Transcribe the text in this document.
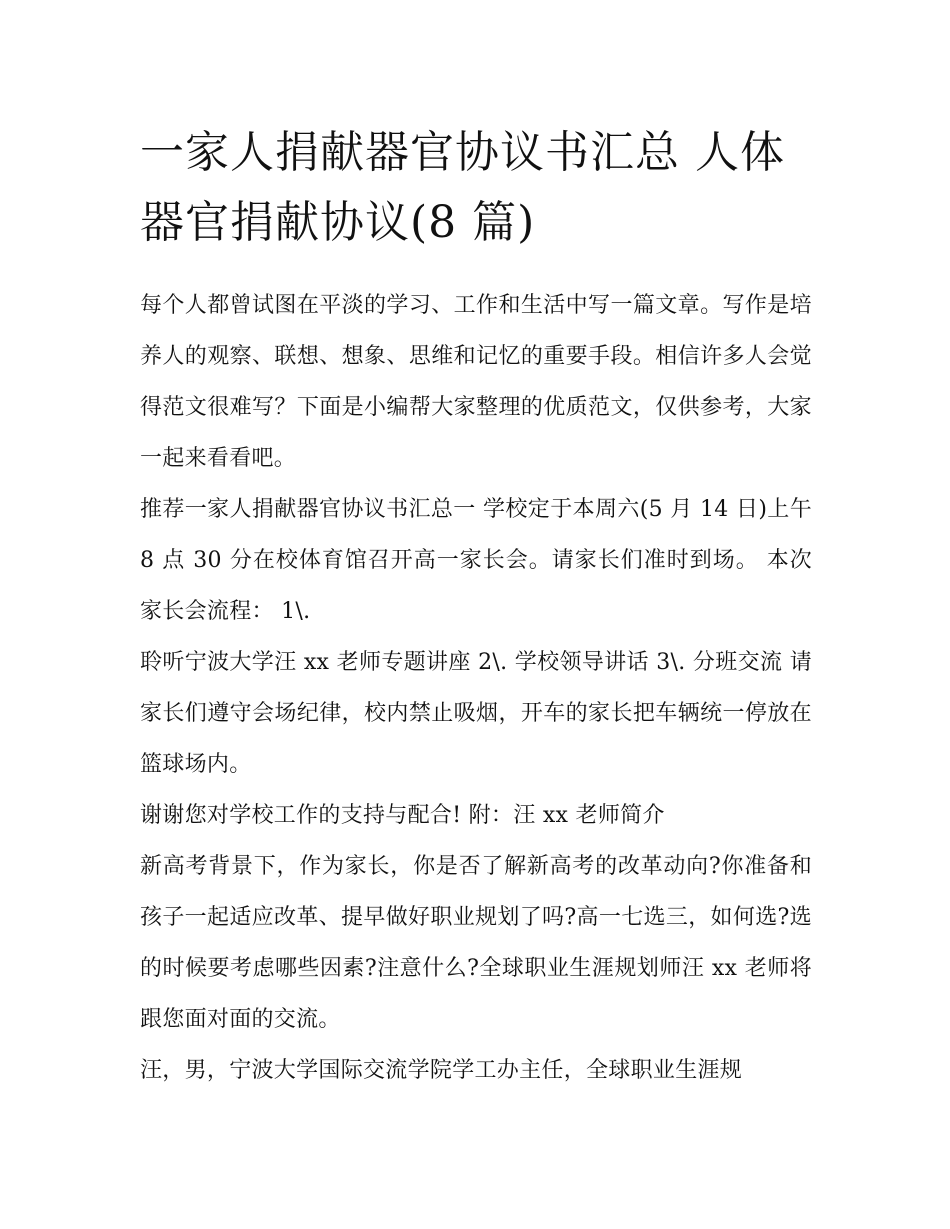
一家人捐献器官协议书汇总 人体器官捐献协议(8 篇)

每个人都曾试图在平淡的学习、工作和生活中写一篇文章。写作是培养人的观察、联想、想象、思维和记忆的重要手段。相信许多人会觉得范文很难写？下面是小编帮大家整理的优质范文，仅供参考，大家一起来看看吧。

推荐一家人捐献器官协议书汇总一 学校定于本周六(5 月 14 日)上午 8 点 30 分在校体育馆召开高一家长会。请家长们准时到场。 本次家长会流程： 1\.

聆听宁波大学汪 xx 老师专题讲座 2\. 学校领导讲话 3\. 分班交流 请家长们遵守会场纪律，校内禁止吸烟，开车的家长把车辆统一停放在篮球场内。

谢谢您对学校工作的支持与配合! 附：汪 xx 老师简介

新高考背景下，作为家长，你是否了解新高考的改革动向?你准备和孩子一起适应改革、提早做好职业规划了吗?高一七选三，如何选?选的时候要考虑哪些因素?注意什么?全球职业生涯规划师汪 xx 老师将跟您面对面的交流。

汪，男，宁波大学国际交流学院学工办主任，全球职业生涯规
